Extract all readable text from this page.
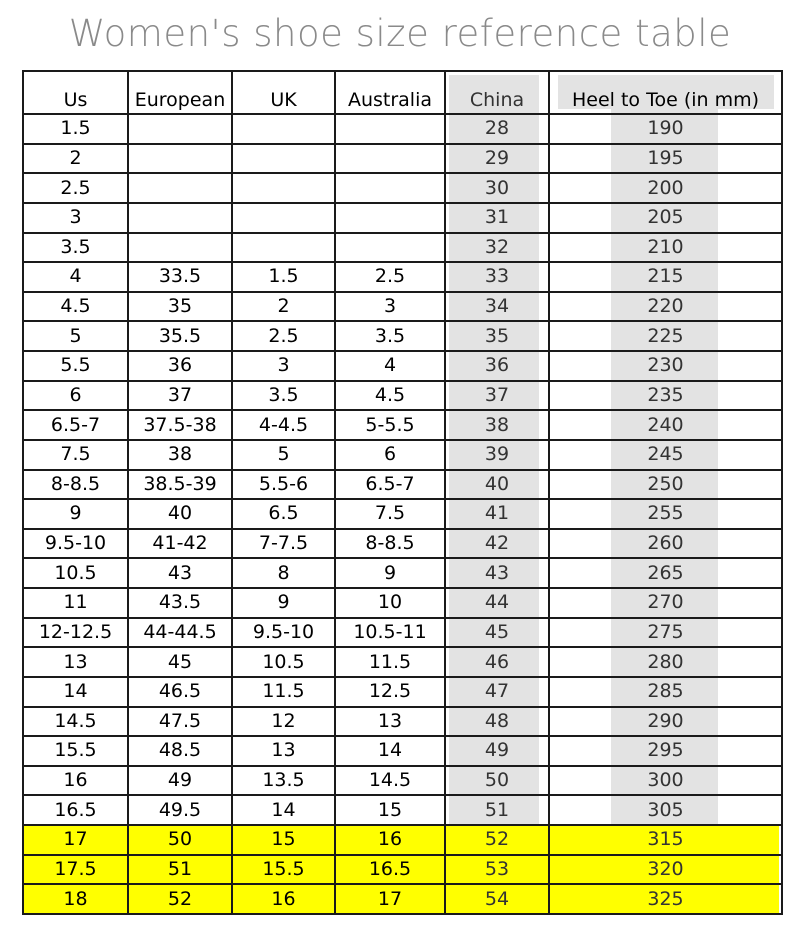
Women's shoe size reference table
Us	European	UK	Australia	China	Heel to Toe (in mm)
1.5				28	190
2				29	195
2.5				30	200
3				31	205
3.5				32	210
4	33.5	1.5	2.5	33	215
4.5	35	2	3	34	220
5	35.5	2.5	3.5	35	225
5.5	36	3	4	36	230
6	37	3.5	4.5	37	235
6.5-7	37.5-38	4-4.5	5-5.5	38	240
7.5	38	5	6	39	245
8-8.5	38.5-39	5.5-6	6.5-7	40	250
9	40	6.5	7.5	41	255
9.5-10	41-42	7-7.5	8-8.5	42	260
10.5	43	8	9	43	265
11	43.5	9	10	44	270
12-12.5	44-44.5	9.5-10	10.5-11	45	275
13	45	10.5	11.5	46	280
14	46.5	11.5	12.5	47	285
14.5	47.5	12	13	48	290
15.5	48.5	13	14	49	295
16	49	13.5	14.5	50	300
16.5	49.5	14	15	51	305
17	50	15	16	52	315
17.5	51	15.5	16.5	53	320
18	52	16	17	54	325
